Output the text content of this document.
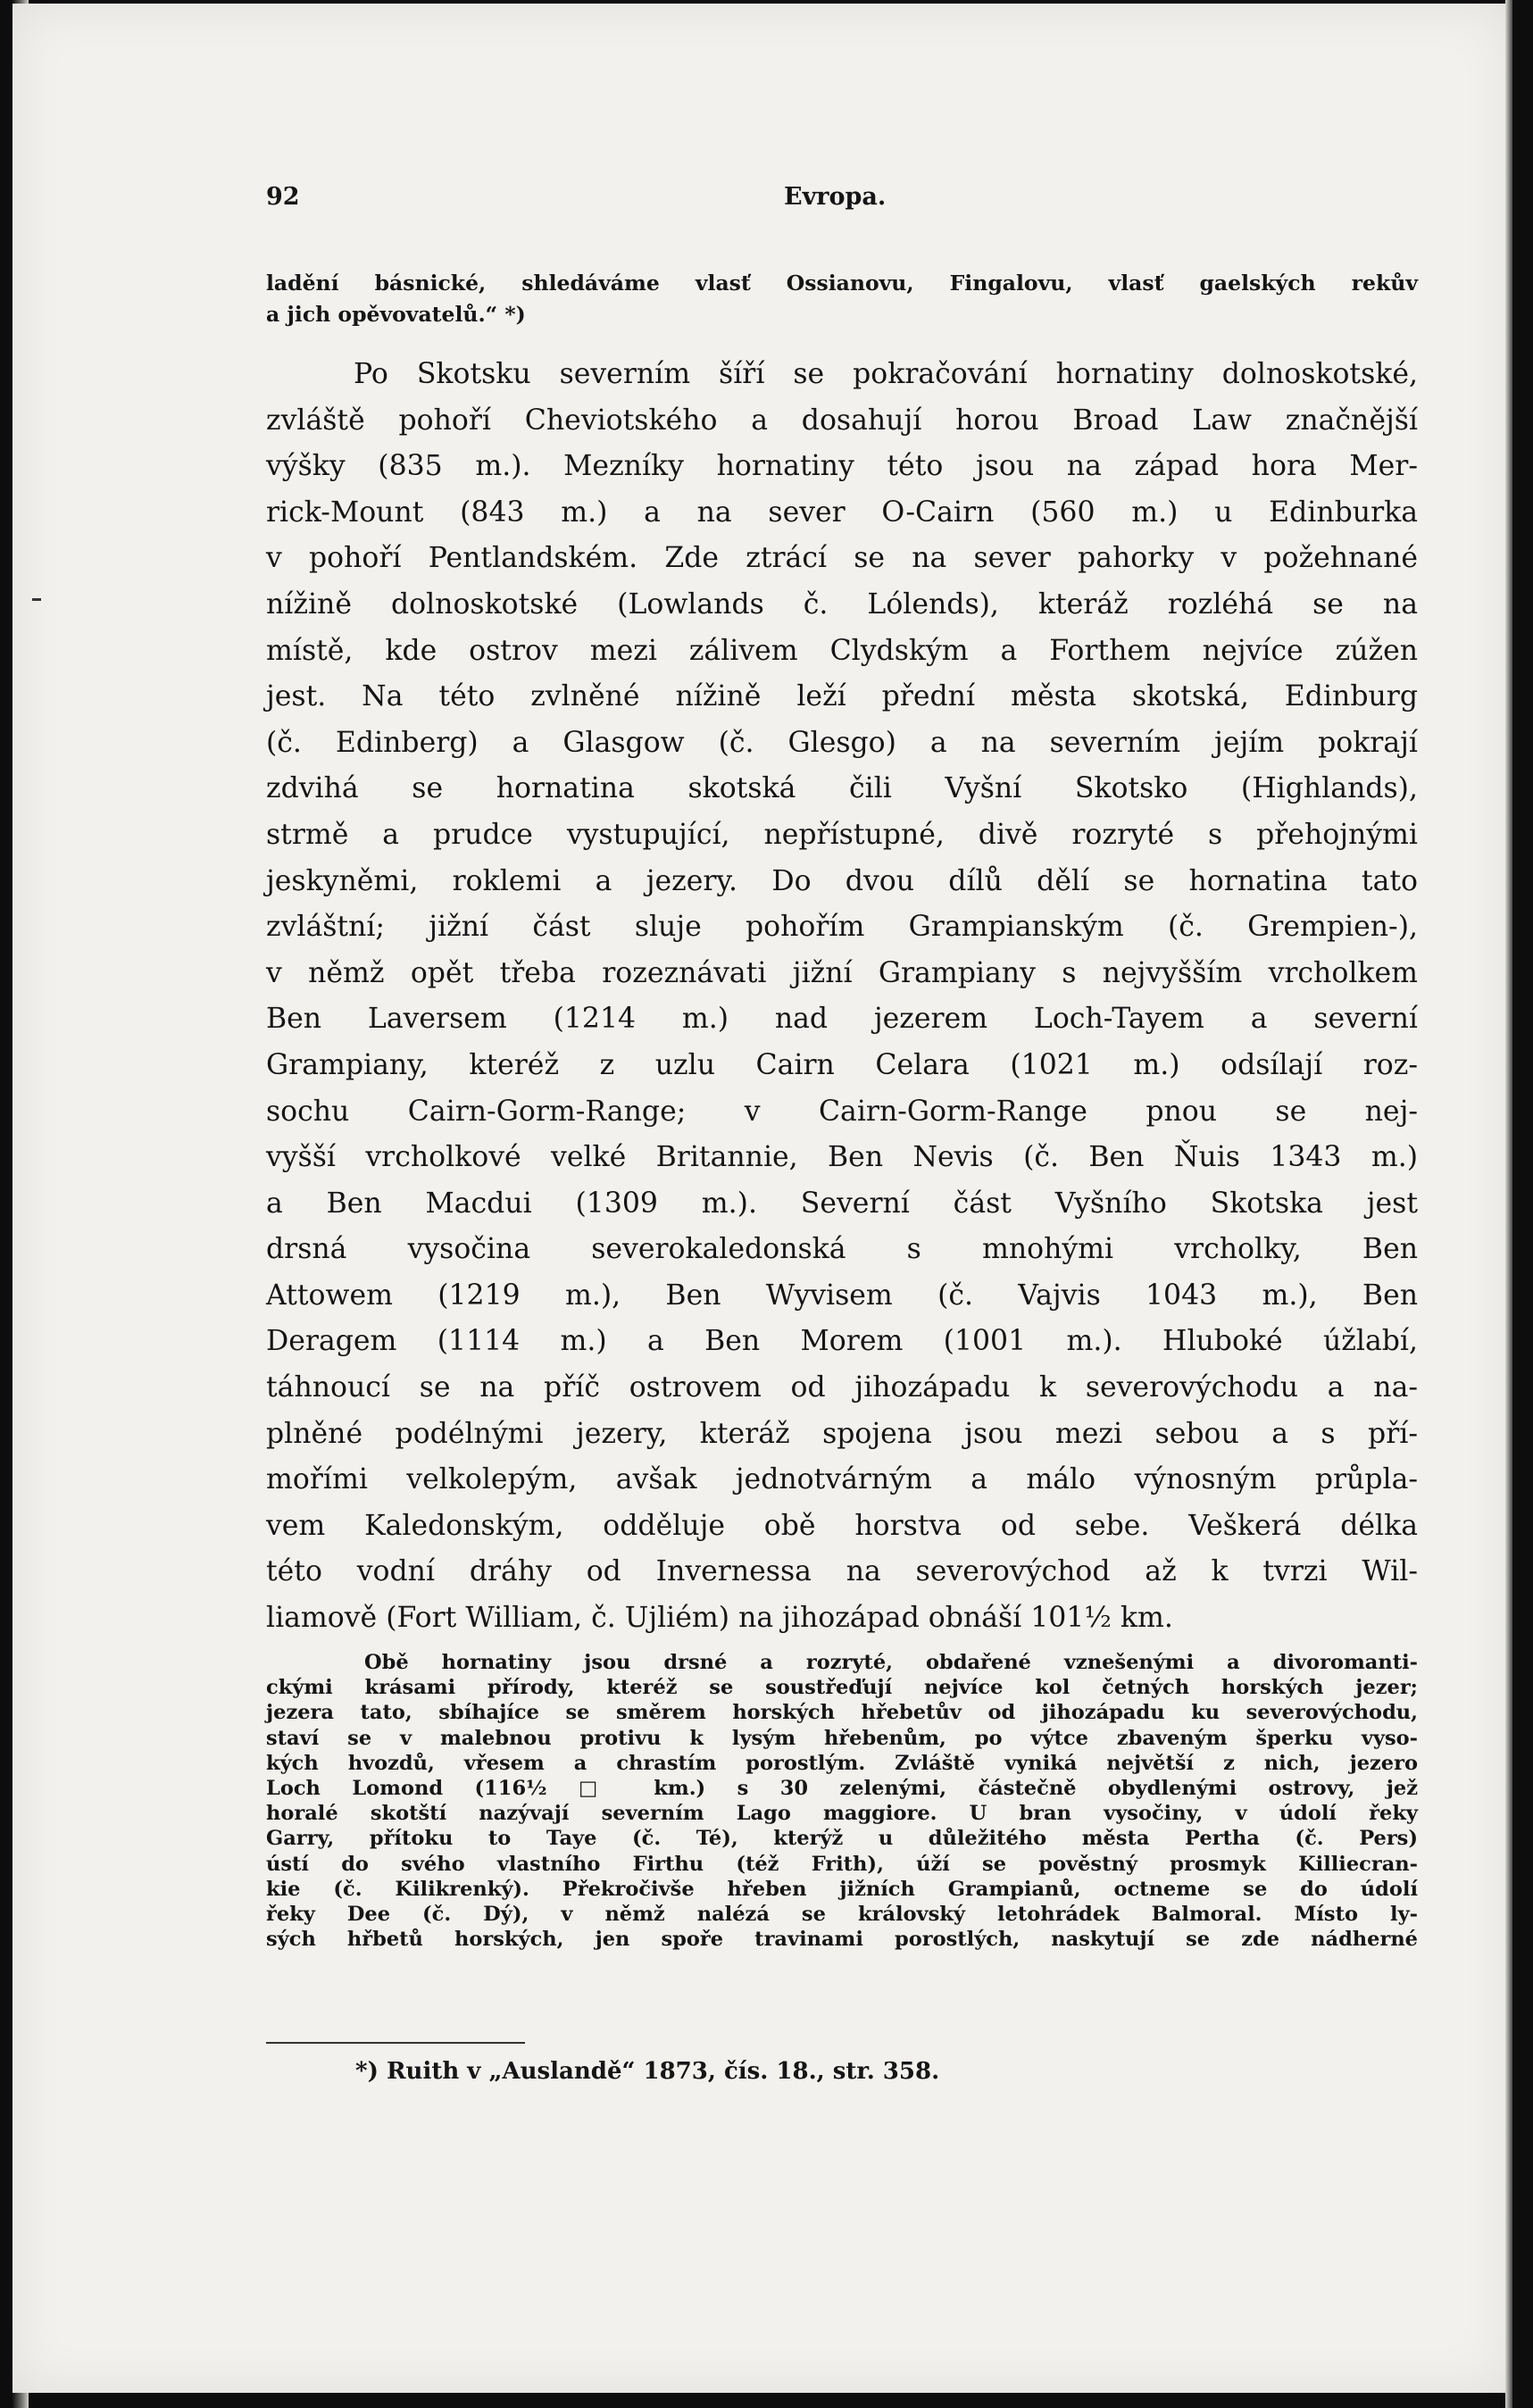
92	Evropa.
ladění básnické, shledáváme vlasť Ossianovu, Fingalovu, vlasť gaelských rekův
a jich opěvovatelů.“ *)
Po Skotsku severním šíří se pokračování hornatiny dolnoskotské,
zvláště pohoří Cheviotského a dosahují horou Broad Law značnější
výšky (835 m.). Mezníky hornatiny této jsou na západ hora Mer-
rick-Mount (843 m.) a na sever O-Cairn (560 m.) u Edinburka
v pohoří Pentlandském. Zde ztrácí se na sever pahorky v požehnané
nížině dolnoskotské (Lowlands č. Lólends), kteráž rozléhá se na
místě, kde ostrov mezi zálivem Clydským a Forthem nejvíce zúžen
jest. Na této zvlněné nížině leží přední města skotská, Edinburg
(č. Edinberg) a Glasgow (č. Glesgo) a na severním jejím pokrají
zdvihá se hornatina skotská čili Vyšní Skotsko (Highlands),
strmě a prudce vystupující, nepřístupné, divě rozryté s přehojnými
jeskyněmi, roklemi a jezery. Do dvou dílů dělí se hornatina tato
zvláštní; jižní část sluje pohořím Grampianským (č. Grempien-),
v němž opět třeba rozeznávati jižní Grampiany s nejvyšším vrcholkem
Ben Laversem (1214 m.) nad jezerem Loch-Tayem a severní
Grampiany, kteréž z uzlu Cairn Celara (1021 m.) odsílají roz-
sochu Cairn-Gorm-Range; v Cairn-Gorm-Range pnou se nej-
vyšší vrcholkové velké Britannie, Ben Nevis (č. Ben Ňuis 1343 m.)
a Ben Macdui (1309 m.). Severní část Vyšního Skotska jest
drsná vysočina severokaledonská s mnohými vrcholky, Ben
Attowem (1219 m.), Ben Wyvisem (č. Vajvis 1043 m.), Ben
Deragem (1114 m.) a Ben Morem (1001 m.). Hluboké úžlabí,
táhnoucí se na příč ostrovem od jihozápadu k severovýchodu a na-
plněné podélnými jezery, kteráž spojena jsou mezi sebou a s pří-
mořími velkolepým, avšak jednotvárným a málo výnosným průpla-
vem Kaledonským, odděluje obě horstva od sebe. Veškerá délka
této vodní dráhy od Invernessa na severovýchod až k tvrzi Wil-
liamově (Fort William, č. Ujliém) na jihozápad obnáší 101½ km.
Obě hornatiny jsou drsné a rozryté, obdařené vznešenými a divoromanti-
ckými krásami přírody, kteréž se soustřeďují nejvíce kol četných horských jezer;
jezera tato, sbíhajíce se směrem horských hřebetův od jihozápadu ku severovýchodu,
staví se v malebnou protivu k lysým hřebenům, po výtce zbaveným šperku vyso-
kých hvozdů, vřesem a chrastím porostlým. Zvláště vyniká největší z nich, jezero
Loch Lomond (116½ □ km.) s 30 zelenými, částečně obydlenými ostrovy, jež
horalé skotští nazývají severním Lago maggiore. U bran vysočiny, v údolí řeky
Garry, přítoku to Taye (č. Té), kterýž u důležitého města Pertha (č. Pers)
ústí do svého vlastního Firthu (též Frith), úží se pověstný prosmyk Killiecran-
kie (č. Kilikrenký). Překročivše hřeben jižních Grampianů, octneme se do údolí
řeky Dee (č. Dý), v němž nalézá se královský letohrádek Balmoral. Místo ly-
sých hřbetů horských, jen spoře travinami porostlých, naskytují se zde nádherné
*) Ruith v „Auslandě“ 1873, čís. 18., str. 358.
